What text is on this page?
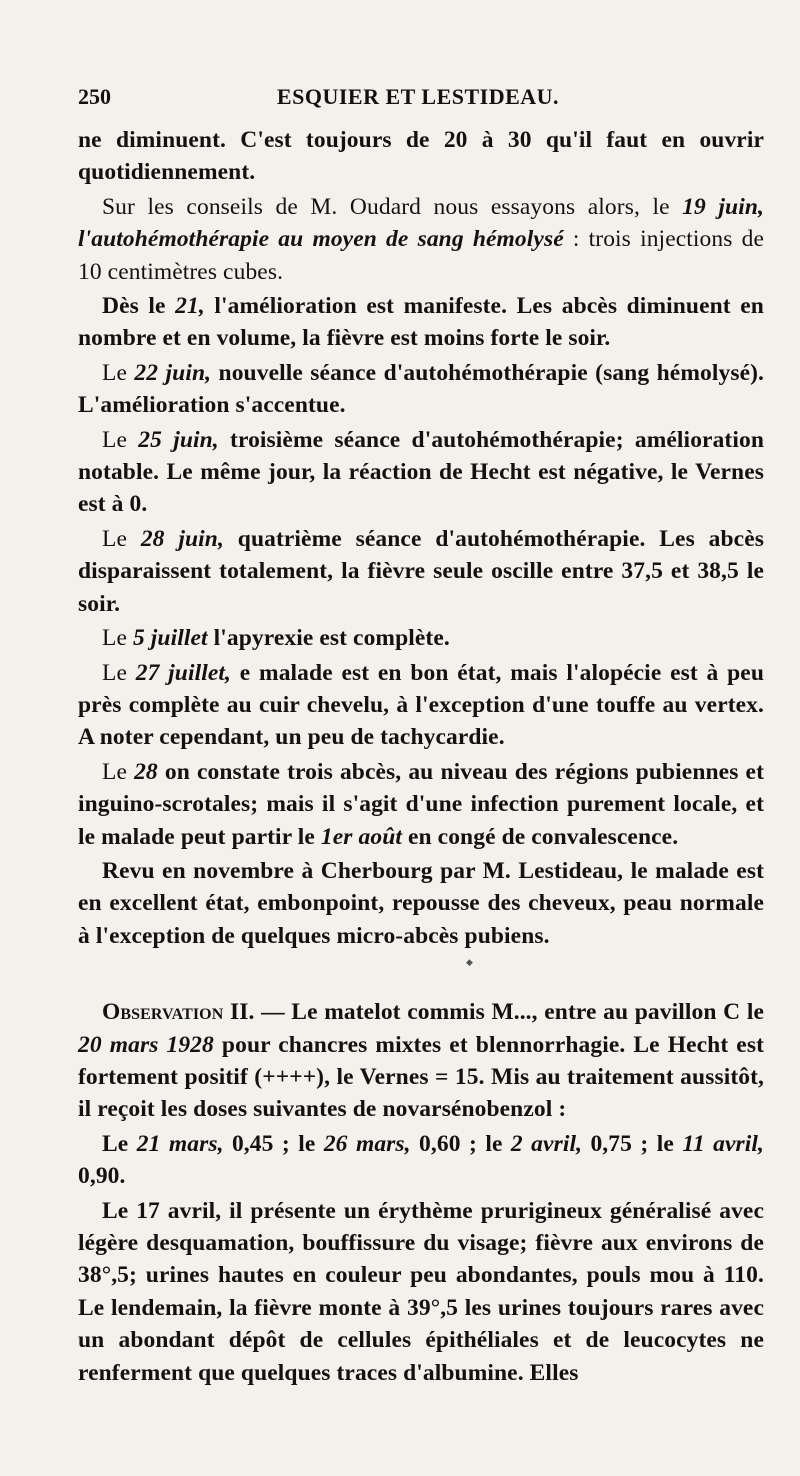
250	ESQUIER ET LESTIDEAU.

ne diminuent. C'est toujours de 20 à 30 qu'il faut en ouvrir quotidiennement.

Sur les conseils de M. Oudard nous essayons alors, le 19 juin, l'autohémothérapie au moyen de sang hémolysé : trois injections de 10 centimètres cubes.

Dès le 21, l'amélioration est manifeste. Les abcès diminuent en nombre et en volume, la fièvre est moins forte le soir.

Le 22 juin, nouvelle séance d'autohémothérapie (sang hémolysé). L'amélioration s'accentue.

Le 25 juin, troisième séance d'autohémothérapie; amélioration notable. Le même jour, la réaction de Hecht est négative, le Vernes est à 0.

Le 28 juin, quatrième séance d'autohémothérapie. Les abcès disparaissent totalement, la fièvre seule oscille entre 37,5 et 38,5 le soir.

Le 5 juillet l'apyrexie est complète.

Le 27 juillet, e malade est en bon état, mais l'alopécie est à peu près complète au cuir chevelu, à l'exception d'une touffe au vertex. A noter cependant, un peu de tachycardie.

Le 28 on constate trois abcès, au niveau des régions pubiennes et inguino-scrotales; mais il s'agit d'une infection purement locale, et le malade peut partir le 1er août en congé de convalescence.

Revu en novembre à Cherbourg par M. Lestideau, le malade est en excellent état, embonpoint, repousse des cheveux, peau normale à l'exception de quelques micro-abcès pubiens.

Observation II. — Le matelot commis M..., entre au pavillon C le 20 mars 1928 pour chancres mixtes et blennorrhagie. Le Hecht est fortement positif (++++), le Vernes = 15. Mis au traitement aussitôt, il reçoit les doses suivantes de novarsénobenzol :

Le 21 mars, 0,45 ; le 26 mars, 0,60 ; le 2 avril, 0,75 ; le 11 avril, 0,90.

Le 17 avril, il présente un érythème prurigineux généralisé avec légère desquamation, bouffissure du visage; fièvre aux environs de 38°,5; urines hautes en couleur peu abondantes, pouls mou à 110. Le lendemain, la fièvre monte à 39°,5 les urines toujours rares avec un abondant dépôt de cellules épithéliales et de leucocytes ne renferment que quelques traces d'albumine. Elles

◆
